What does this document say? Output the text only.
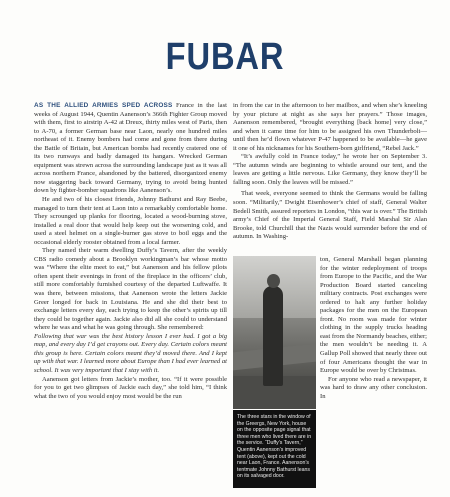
FUBAR

AS THE ALLIED ARMIES SPED ACROSS France in the last weeks of August 1944, Quentin Aanenson’s 366th Fighter Group moved with them, first to airstrip A-42 at Dreux, thirty miles west of Paris, then to A-70, a former German base near Laon, nearly one hundred miles northeast of it. Enemy bombers had come and gone from there during the Battle of Britain, but American bombs had recently cratered one of its two runways and badly damaged its hangars. Wrecked German equipment was strewn across the surrounding landscape just as it was all across northern France, abandoned by the battered, disorganized enemy now staggering back toward Germany, trying to avoid being hunted down by fighter-bomber squadrons like Aanenson’s.

He and two of his closest friends, Johnny Bathurst and Ray Beebe, managed to turn their tent at Laon into a remarkably comfortable home. They scrounged up planks for flooring, located a wood-burning stove, installed a real door that would help keep out the worsening cold, and used a steel helmet on a single-burner gas stove to boil eggs and the occasional elderly rooster obtained from a local farmer.

They named their warm dwelling Duffy’s Tavern, after the weekly CBS radio comedy about a Brooklyn workingman’s bar whose motto was “Where the elite meet to eat,” but Aanenson and his fellow pilots often spent their evenings in front of the fireplace in the officers’ club, still more comfortably furnished courtesy of the departed Luftwaffe. It was there, between missions, that Aanenson wrote the letters Jackie Greer longed for back in Louisiana. He and she did their best to exchange letters every day, each trying to keep the other’s spirits up till they could be together again. Jackie also did all she could to understand where he was and what he was going through. She remembered:

Following that war was the best history lesson I ever had. I got a big map, and every day I’d get crayons out. Every day. Certain colors meant this group is here. Certain colors meant they’d moved there. And I kept up with that war. I learned more about Europe than I had ever learned at school. It was very important that I stay with it.

Aanenson got letters from Jackie’s mother, too. “If it were possible for you to get two glimpses of Jackie each day,” she told him, “I think what the two of you would enjoy most would be the run

in from the car in the afternoon to her mailbox, and when she’s kneeling by your picture at night as she says her prayers.” Those images, Aanenson remembered, “brought everything [back home] very close,” and when it came time for him to be assigned his own Thunderbolt—until then he’d flown whatever P-47 happened to be available—he gave it one of his nicknames for his Southern-born girlfriend, “Rebel Jack.”

“It’s awfully cold in France today,” he wrote her on September 3. “The autumn winds are beginning to whistle around our tent, and the leaves are getting a little nervous. Like Germany, they know they’ll be falling soon. Only the leaves will be missed.”

That week, everyone seemed to think the Germans would be falling soon. “Militarily,” Dwight Eisenhower’s chief of staff, General Walter Bedell Smith, assured reporters in London, “this war is over.” The British army’s Chief of the Imperial General Staff, Field Marshal Sir Alan Brooke, told Churchill that the Nazis would surrender before the end of autumn. In Washing-

The three stars in the window of the Greergs, New York, house on the opposite page signal that three men who lived there are in the service. “Duffy’s Tavern,” Quentin Aanenson’s improved tent (above), kept out the cold near Laon, France. Aanenson’s tentmate Johnny Bathurst leans on its salvaged door.

ton, General Marshall began planning for the winter redeployment of troops from Europe to the Pacific, and the War Production Board started canceling military contracts. Post exchanges were ordered to halt any further holiday packages for the men on the European front. No room was made for winter clothing in the supply trucks heading east from the Normandy beaches, either; the men wouldn’t be needing it. A Gallup Poll showed that nearly three out of four Americans thought the war in Europe would be over by Christmas.

For anyone who read a newspaper, it was hard to draw any other conclusion. In
